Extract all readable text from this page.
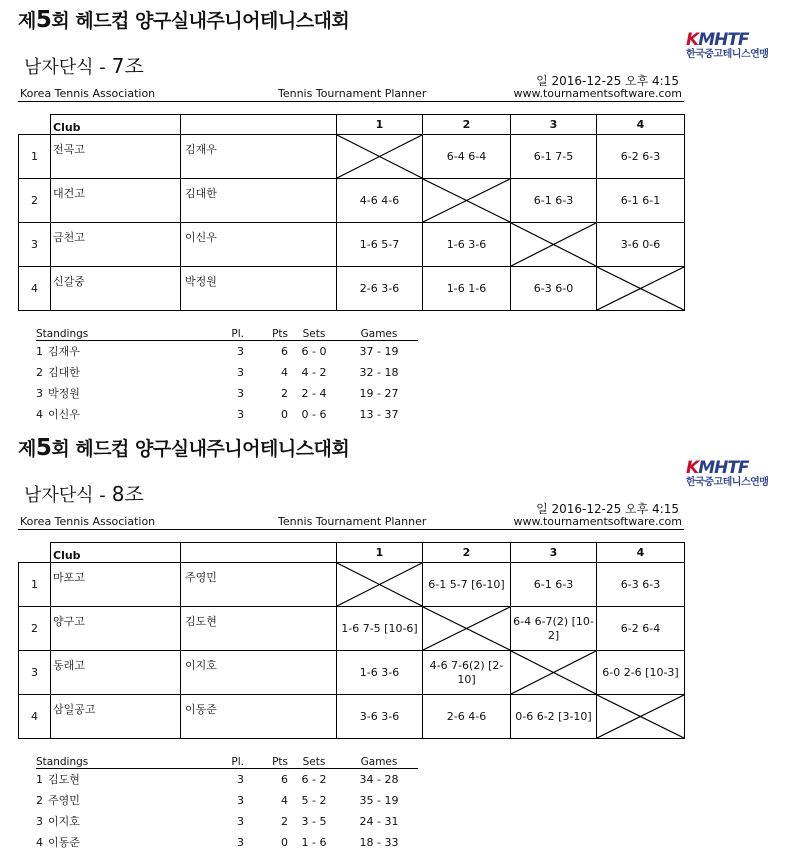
제5회 헤드컵 양구실내주니어테니스대회
남자단식 - 7조
KMHTF
한국중고테니스연맹

일 2016-12-25 오후 4:15
Korea Tennis Association	Tennis Tournament Planner	www.tournamentsoftware.com
	Club		1	2	3	4
1	전곡고	김재우		6-4 6-4	6-1 7-5	6-2 6-3
2	대건고	김대한	4-6 4-6		6-1 6-3	6-1 6-1
3	금천고	이신우	1-6 5-7	1-6 3-6		3-6 0-6
4	신갈중	박정원	2-6 3-6	1-6 1-6	6-3 6-0	
Standings		Pl.	Pts	Sets	Games
1	김재우	3	6	6 - 0	37 - 19
2	김대한	3	4	4 - 2	32 - 18
3	박정원	3	2	2 - 4	19 - 27
4	이신우	3	0	0 - 6	13 - 37
제5회 헤드컵 양구실내주니어테니스대회
남자단식 - 8조
KMHTF
한국중고테니스연맹

일 2016-12-25 오후 4:15
Korea Tennis Association	Tennis Tournament Planner	www.tournamentsoftware.com
	Club		1	2	3	4
1	마포고	주영민		6-1 5-7 [6-10]	6-1 6-3	6-3 6-3
2	양구고	김도현	1-6 7-5 [10-6]		6-4 6-7(2) [10-2]	6-2 6-4
3	동래고	이지호	1-6 3-6	4-6 7-6(2) [2-10]		6-0 2-6 [10-3]
4	삼일공고	이동준	3-6 3-6	2-6 4-6	0-6 6-2 [3-10]	
Standings		Pl.	Pts	Sets	Games
1	김도현	3	6	6 - 2	34 - 28
2	주영민	3	4	5 - 2	35 - 19
3	이지호	3	2	3 - 5	24 - 31
4	이동준	3	0	1 - 6	18 - 33
